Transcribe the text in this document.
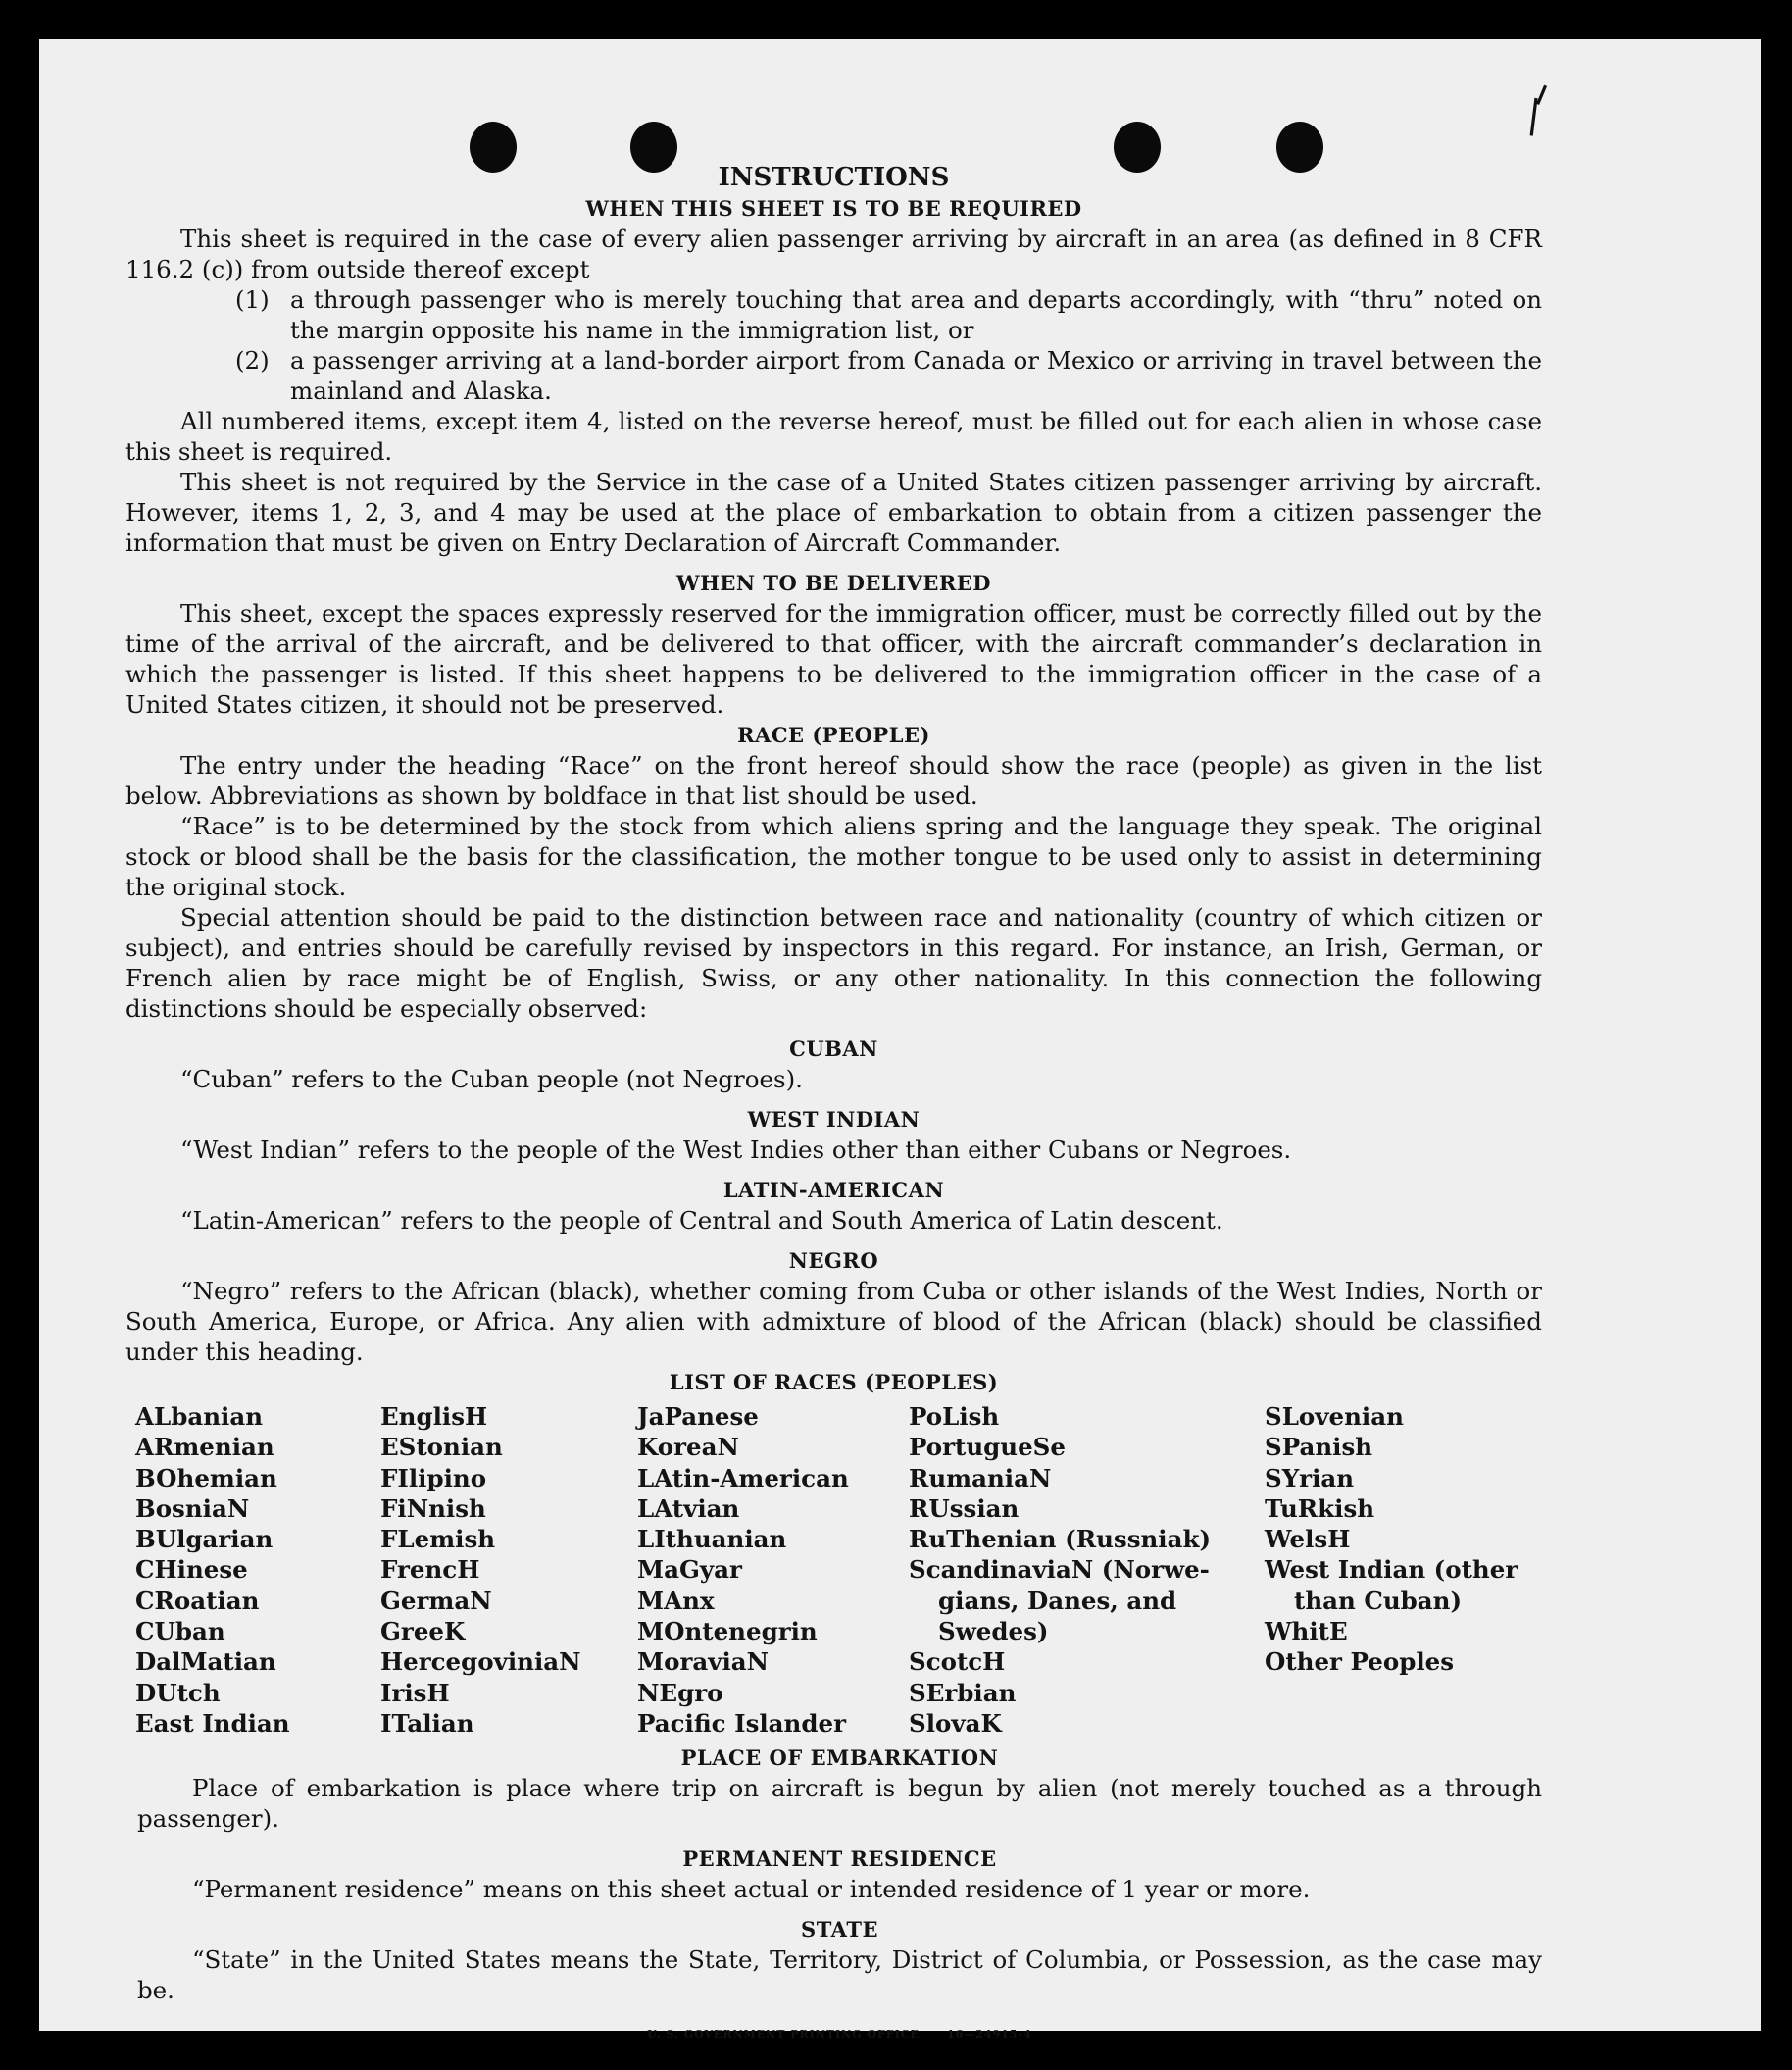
INSTRUCTIONS
WHEN THIS SHEET IS TO BE REQUIRED

This sheet is required in the case of every alien passenger arriving by aircraft in an area (as defined in 8 CFR 116.2 (c)) from outside thereof except

(1) a through passenger who is merely touching that area and departs accordingly, with “thru” noted on the margin opposite his name in the immigration list, or
(2) a passenger arriving at a land-border airport from Canada or Mexico or arriving in travel between the mainland and Alaska.

All numbered items, except item 4, listed on the reverse hereof, must be filled out for each alien in whose case this sheet is required.

This sheet is not required by the Service in the case of a United States citizen passenger arriving by aircraft. However, items 1, 2, 3, and 4 may be used at the place of embarkation to obtain from a citizen passenger the information that must be given on Entry Declaration of Aircraft Commander.

WHEN TO BE DELIVERED

This sheet, except the spaces expressly reserved for the immigration officer, must be correctly filled out by the time of the arrival of the aircraft, and be delivered to that officer, with the aircraft commander’s declaration in which the passenger is listed. If this sheet happens to be delivered to the immigration officer in the case of a United States citizen, it should not be preserved.

RACE (PEOPLE)

The entry under the heading “Race” on the front hereof should show the race (people) as given in the list below. Abbreviations as shown by boldface in that list should be used.

“Race” is to be determined by the stock from which aliens spring and the language they speak. The original stock or blood shall be the basis for the classification, the mother tongue to be used only to assist in determining the original stock.

Special attention should be paid to the distinction between race and nationality (country of which citizen or subject), and entries should be carefully revised by inspectors in this regard. For instance, an Irish, German, or French alien by race might be of English, Swiss, or any other nationality. In this connection the following distinctions should be especially observed:

CUBAN

“Cuban” refers to the Cuban people (not Negroes).

WEST INDIAN

“West Indian” refers to the people of the West Indies other than either Cubans or Negroes.

LATIN-AMERICAN

“Latin-American” refers to the people of Central and South America of Latin descent.

NEGRO

“Negro” refers to the African (black), whether coming from Cuba or other islands of the West Indies, North or South America, Europe, or Africa. Any alien with admixture of blood of the African (black) should be classified under this heading.

LIST OF RACES (PEOPLES)
ALbanian
ARmenian
BOhemian
BosniaN
BUlgarian
CHinese
CRoatian
CUban
DalMatian
DUtch
East Indian
EnglisH
EStonian
FIlipino
FiNnish
FLemish
FrencH
GermaN
GreeK
HercegoviniaN
IrisH
ITalian
JaPanese
KoreaN
LAtin-American
LAtvian
LIthuanian
MaGyar
MAnx
MOntenegrin
MoraviaN
NEgro
Pacific Islander
PoLish
PortugueSe
RumaniaN
RUssian
RuThenian (Russniak)
ScandinaviaN (Norwe-
gians, Danes, and
Swedes)
ScotcH
SErbian
SlovaK
SLovenian
SPanish
SYrian
TuRkish
WelsH
West Indian (other
than Cuban)
WhitE
Other Peoples
PLACE OF EMBARKATION

Place of embarkation is place where trip on aircraft is begun by alien (not merely touched as a through passenger).

PERMANENT RESIDENCE

“Permanent residence” means on this sheet actual or intended residence of 1 year or more.

STATE

“State” in the United States means the State, Territory, District of Columbia, or Possession, as the case may be.

U. S. GOVERNMENT PRINTING OFFICE	16—24915-4
